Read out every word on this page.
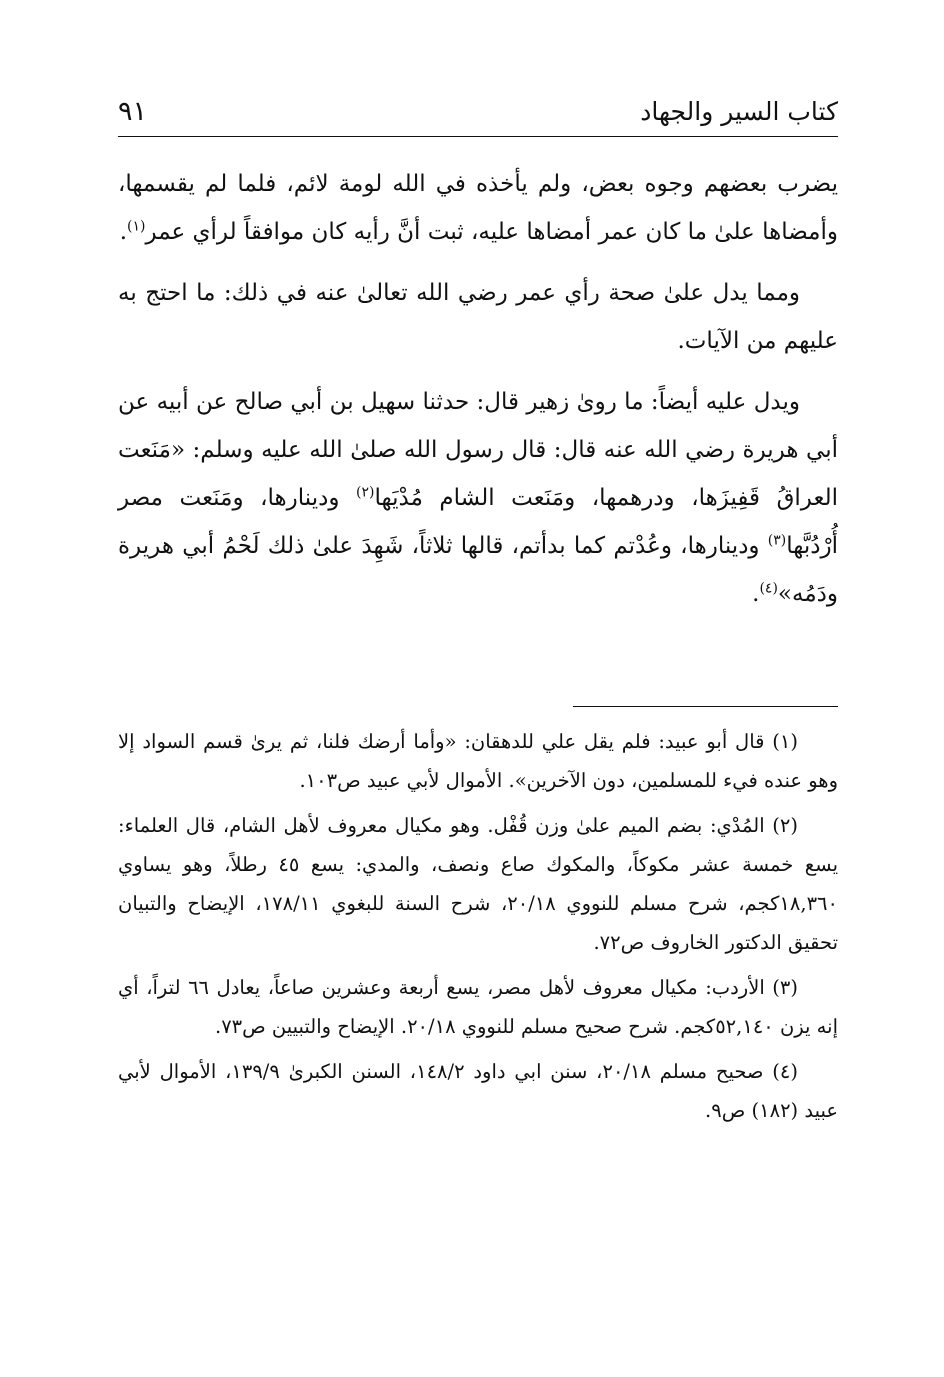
كتاب السير والجهاد
٩١

يضرب بعضهم وجوه بعض، ولم يأخذه في الله لومة لائم، فلما لم يقسمها، وأمضاها علىٰ ما كان عمر أمضاها عليه، ثبت أنَّ رأيه كان موافقاً لرأي عمر$^{(١)}$.

ومما يدل علىٰ صحة رأي عمر رضي الله تعالىٰ عنه في ذلك: ما احتج به عليهم من الآيات.

ويدل عليه أيضاً: ما روىٰ زهير قال: حدثنا سهيل بن أبي صالح عن أبيه عن أبي هريرة رضي الله عنه قال: قال رسول الله صلىٰ الله عليه وسلم: «مَنَعت العراقُ قَفِيزَها، ودرهمها، ومَنَعت الشام مُدْيَها$^{(٢)}$ ودينارها، ومَنَعت مصر أُرْدُبَّها$^{(٣)}$ ودينارها، وعُدْتم كما بدأتم، قالها ثلاثاً، شَهِدَ علىٰ ذلك لَحْمُ أبي هريرة ودَمُه»$^{(٤)}$.

(١) قال أبو عبيد: فلم يقل علي للدهقان: «وأما أرضك فلنا، ثم يرىٰ قسم السواد إلا وهو عنده فيء للمسلمين، دون الآخرين». الأموال لأبي عبيد ص١٠٣.

(٢) المُدْي: بضم الميم علىٰ وزن قُفْل. وهو مكيال معروف لأهل الشام، قال العلماء: يسع خمسة عشر مكوكاً، والمكوك صاع ونصف، والمدي: يسع ٤٥ رطلاً، وهو يساوي ١٨,٣٦٠كجم، شرح مسلم للنووي ٢٠/١٨، شرح السنة للبغوي ١٧٨/١١، الإيضاح والتبيان تحقيق الدكتور الخاروف ص٧٢.

(٣) الأردب: مكيال معروف لأهل مصر، يسع أربعة وعشرين صاعاً، يعادل ٦٦ لتراً، أي إنه يزن ٥٢,١٤٠كجم. شرح صحيح مسلم للنووي ٢٠/١٨. الإيضاح والتبيين ص٧٣.

(٤) صحيح مسلم ٢٠/١٨، سنن ابي داود ١٤٨/٢، السنن الكبرىٰ ١٣٩/٩، الأموال لأبي عبيد (١٨٢) ص٩.
